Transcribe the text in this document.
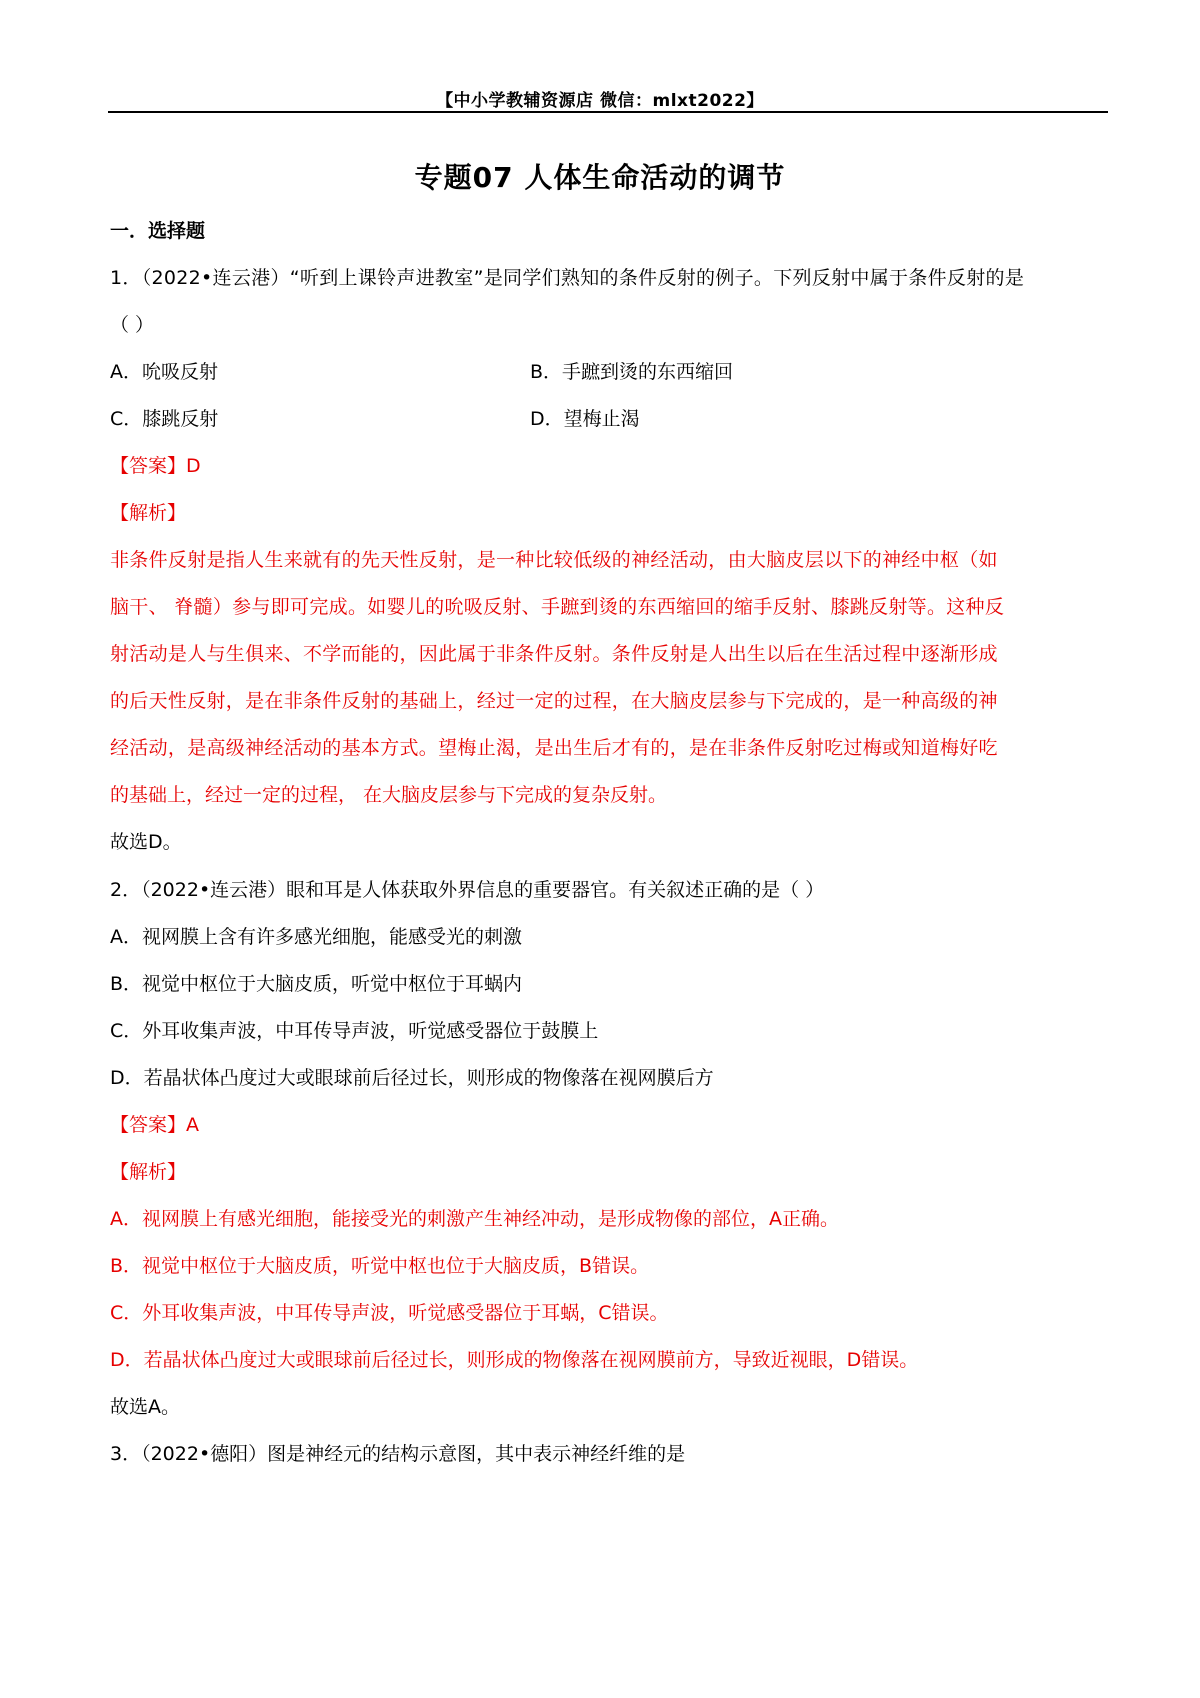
【中小学教辅资源店 微信：mlxt2022】
专题07 人体生命活动的调节
一．选择题
1．（2022•连云港）“听到上课铃声进教室”是同学们熟知的条件反射的例子。下列反射中属于条件反射的是
（ ）
A．吮吸反射	B．手蹠到烫的东西缩回
C．膝跳反射	D．望梅止渴
【答案】D
【解析】
非条件反射是指人生来就有的先天性反射，是一种比较低级的神经活动，由大脑皮层以下的神经中枢（如
脑干、 脊髓）参与即可完成。如婴儿的吮吸反射、手蹠到烫的东西缩回的缩手反射、膝跳反射等。这种反
射活动是人与生俱来、不学而能的，因此属于非条件反射。条件反射是人出生以后在生活过程中逐渐形成
的后天性反射，是在非条件反射的基础上，经过一定的过程，在大脑皮层参与下完成的，是一种高级的神
经活动，是高级神经活动的基本方式。望梅止渴，是出生后才有的，是在非条件反射吃过梅或知道梅好吃
的基础上，经过一定的过程， 在大脑皮层参与下完成的复杂反射。
故选D。
2．（2022•连云港）眼和耳是人体获取外界信息的重要器官。有关叙述正确的是（ ）
A．视网膜上含有许多感光细胞，能感受光的刺激
B．视觉中枢位于大脑皮质，听觉中枢位于耳蜗内
C．外耳收集声波，中耳传导声波，听觉感受器位于鼓膜上
D．若晶状体凸度过大或眼球前后径过长，则形成的物像落在视网膜后方
【答案】A
【解析】
A．视网膜上有感光细胞，能接受光的刺激产生神经冲动，是形成物像的部位，A正确。
B．视觉中枢位于大脑皮质，听觉中枢也位于大脑皮质，B错误。
C．外耳收集声波，中耳传导声波，听觉感受器位于耳蜗，C错误。
D．若晶状体凸度过大或眼球前后径过长，则形成的物像落在视网膜前方，导致近视眼，D错误。
故选A。
3．（2022•德阳）图是神经元的结构示意图，其中表示神经纤维的是
